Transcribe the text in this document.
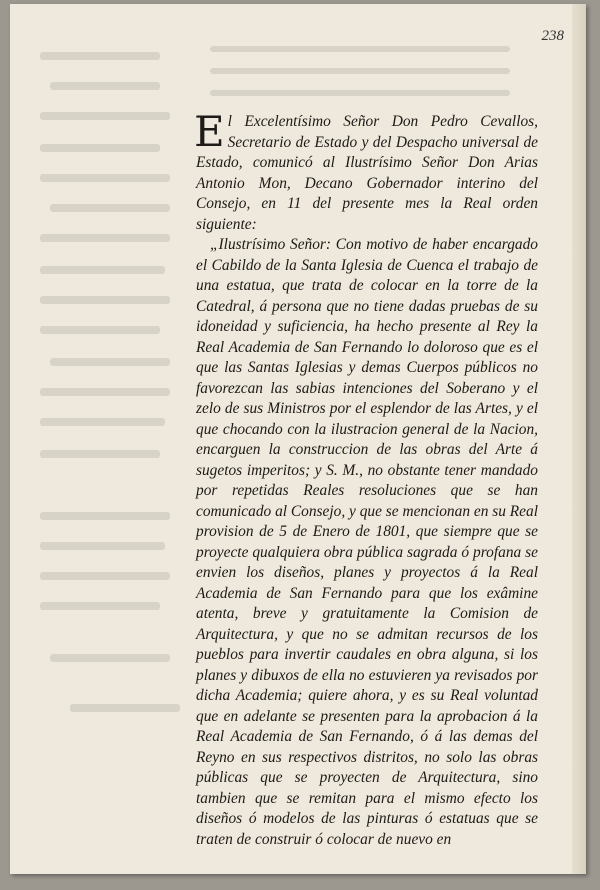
238

El Excelentísimo Señor Don Pedro Cevallos, Secretario de Estado y del Despacho universal de Estado, comunicó al Ilustrísimo Señor Don Arias Antonio Mon, Decano Gobernador interino del Consejo, en 11 del presente mes la Real orden siguiente:

„Ilustrísimo Señor: Con motivo de haber encargado el Cabildo de la Santa Iglesia de Cuenca el trabajo de una estatua, que trata de colocar en la torre de la Catedral, á persona que no tiene dadas pruebas de su idoneidad y suficiencia, ha hecho presente al Rey la Real Academia de San Fernando lo doloroso que es el que las Santas Iglesias y demas Cuerpos públicos no favorezcan las sabias intenciones del Soberano y el zelo de sus Ministros por el esplendor de las Artes, y el que chocando con la ilustracion general de la Nacion, encarguen la construccion de las obras del Arte á sugetos imperitos; y S. M., no obstante tener mandado por repetidas Reales resoluciones que se han comunicado al Consejo, y que se mencionan en su Real provision de 5 de Enero de 1801, que siempre que se proyecte qualquiera obra pública sagrada ó profana se envien los diseños, planes y proyectos á la Real Academia de San Fernando para que los exâmine atenta, breve y gratuitamente la Comision de Arquitectura, y que no se admitan recursos de los pueblos para invertir caudales en obra alguna, si los planes y dibuxos de ella no estuvieren ya revisados por dicha Academia; quiere ahora, y es su Real voluntad que en adelante se presenten para la aprobacion á la Real Academia de San Fernando, ó á las demas del Reyno en sus respectivos distritos, no solo las obras públicas que se proyecten de Arquitectura, sino tambien que se remitan para el mismo efecto los diseños ó modelos de las pinturas ó estatuas que se traten de construir ó colocar de nuevo en
